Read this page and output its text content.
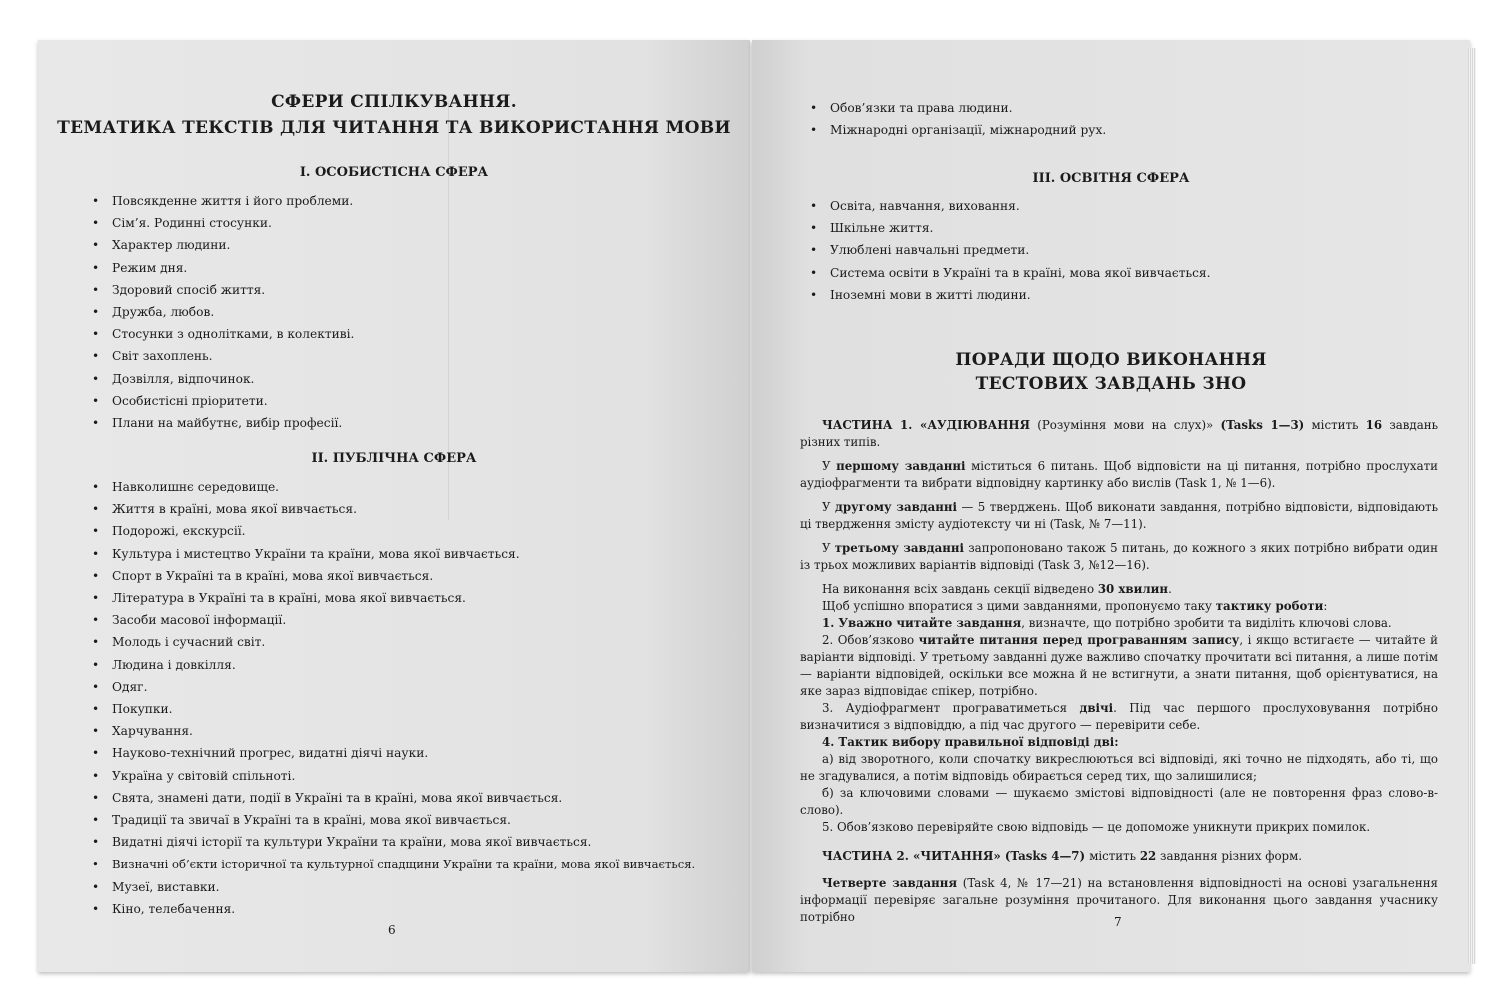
СФЕРИ СПІЛКУВАННЯ.

ТЕМАТИКА ТЕКСТІВ ДЛЯ ЧИТАННЯ ТА ВИКОРИСТАННЯ МОВИ

І. ОСОБИСТІСНА СФЕРА

• Повсякденне життя і його проблеми.
• Сім’я. Родинні стосунки.
• Характер людини.
• Режим дня.
• Здоровий спосіб життя.
• Дружба, любов.
• Стосунки з однолітками, в колективі.
• Світ захоплень.
• Дозвілля, відпочинок.
• Особистісні пріоритети.
• Плани на майбутнє, вибір професії.

ІІ. ПУБЛІЧНА СФЕРА

• Навколишнє середовище.
• Життя в країні, мова якої вивчається.
• Подорожі, екскурсії.
• Культура і мистецтво України та країни, мова якої вивчається.
• Спорт в Україні та в країні, мова якої вивчається.
• Література в Україні та в країні, мова якої вивчається.
• Засоби масової інформації.
• Молодь і сучасний світ.
• Людина і довкілля.
• Одяг.
• Покупки.
• Харчування.
• Науково-технічний прогрес, видатні діячі науки.
• Україна у світовій спільноті.
• Свята, знамені дати, події в Україні та в країні, мова якої вивчається.
• Традиції та звичаї в Україні та в країні, мова якої вивчається.
• Видатні діячі історії та культури України та країни, мова якої вивчається.
• Визначні об’єкти історичної та культурної спадщини України та країни, мова якої вивчається.
• Музеї, виставки.
• Кіно, телебачення.
6
• Обов’язки та права людини.
• Міжнародні організації, міжнародний рух.

ІІІ. ОСВІТНЯ СФЕРА

• Освіта, навчання, виховання.
• Шкільне життя.
• Улюблені навчальні предмети.
• Система освіти в Україні та в країні, мова якої вивчається.
• Іноземні мови в житті людини.

ПОРАДИ ЩОДО ВИКОНАННЯ

ТЕСТОВИХ ЗАВДАНЬ ЗНО

ЧАСТИНА 1. «АУДІЮВАННЯ (Розуміння мови на слух)» (Tasks 1—3) містить 16 завдань різних типів.

У першому завданні міститься 6 питань. Щоб відповісти на ці питання, потрібно прослухати аудіофрагменти та вибрати відповідну картинку або вислів (Task 1, № 1—6).

У другому завданні — 5 тверджень. Щоб виконати завдання, потрібно відповісти, відповідають ці твердження змісту аудіотексту чи ні (Task, № 7—11).

У третьому завданні запропоновано також 5 питань, до кожного з яких потрібно вибрати один із трьох можливих варіантів відповіді (Task 3, №12—16).

На виконання всіх завдань секції відведено 30 хвилин.

Щоб успішно впоратися з цими завданнями, пропонуємо таку тактику роботи:

1. Уважно читайте завдання, визначте, що потрібно зробити та виділіть ключові слова.

2. Обов’язково читайте питання перед програванням запису, і якщо встигаєте — читайте й варіанти відповіді. У третьому завданні дуже важливо спочатку прочитати всі питання, а лише потім — варіанти відповідей, оскільки все можна й не встигнути, а знати питання, щоб орієнтуватися, на яке зараз відповідає спікер, потрібно.

3. Аудіофрагмент програватиметься двічі. Під час першого прослуховування потрібно визначитися з відповіддю, а під час другого — перевірити себе.

4. Тактик вибору правильної відповіді дві:

а) від зворотного, коли спочатку викреслюються всі відповіді, які точно не підходять, або ті, що не згадувалися, а потім відповідь обирається серед тих, що залишилися;

б) за ключовими словами — шукаємо змістові відповідності (але не повторення фраз слово-в-слово).

5. Обов’язково перевіряйте свою відповідь — це допоможе уникнути прикрих помилок.

ЧАСТИНА 2. «ЧИТАННЯ» (Tasks 4—7) містить 22 завдання різних форм.

Четверте завдання (Task 4, № 17—21) на встановлення відповідності на основі узагальнення інформації перевіряє загальне розуміння прочитаного. Для виконання цього завдання учаснику потрібно	7
